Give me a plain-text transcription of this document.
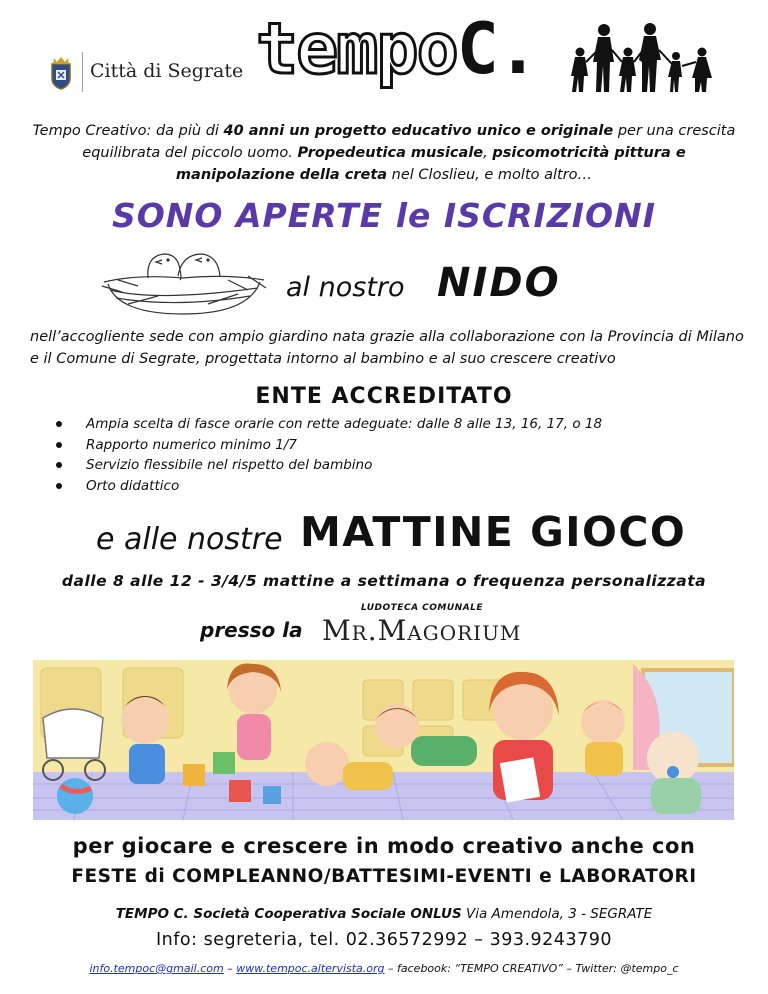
Città di Segrate tempoC.
Tempo Creativo: da più di 40 anni un progetto educativo unico e originale per una crescita equilibrata del piccolo uomo. Propedeutica musicale, psicomotricità pittura e manipolazione della creta nel Closlieu, e molto altro…
SONO APERTE le ISCRIZIONI
al nostro NIDO
nell’accogliente sede con ampio giardino nata grazie alla collaborazione con la Provincia di Milano e il Comune di Segrate, progettata intorno al bambino e al suo crescere creativo
ENTE ACCREDITATO
Ampia scelta di fasce orarie con rette adeguate: dalle 8 alle 13, 16, 17, o 18
Rapporto numerico minimo 1/7
Servizio flessibile nel rispetto del bambino
Orto didattico
e alle nostre MATTINE GIOCO
dalle 8 alle 12 - 3/4/5 mattine a settimana o frequenza personalizzata
LUDOTECA COMUNALE
presso la Mr.Magorium
per giocare e crescere in modo creativo anche con
FESTE di COMPLEANNO/BATTESIMI-EVENTI e LABORATORI
TEMPO C. Società Cooperativa Sociale ONLUS Via Amendola, 3 - SEGRATE
Info: segreteria, tel. 02.36572992 – 393.9243790
info.tempoc@gmail.com – www.tempoc.altervista.org – facebook: “TEMPO CREATIVO” – Twitter: @tempo_c
